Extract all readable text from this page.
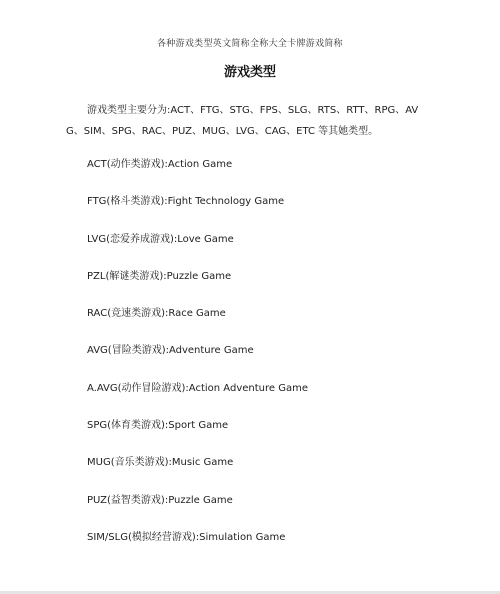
各种游戏类型英文简称全称大全卡牌游戏简称
游戏类型

游戏类型主要分为:ACT、FTG、STG、FPS、SLG、RTS、RTT、RPG、AVG、SIM、SPG、RAC、PUZ、MUG、LVG、CAG、ETC 等其她类型。

ACT(动作类游戏):Action Game
FTG(格斗类游戏):Fight Technology Game
LVG(恋爱养成游戏):Love Game
PZL(解谜类游戏):Puzzle Game
RAC(竞速类游戏):Race Game
AVG(冒险类游戏):Adventure Game
A.AVG(动作冒险游戏):Action Adventure Game
SPG(体育类游戏):Sport Game
MUG(音乐类游戏):Music Game
PUZ(益智类游戏):Puzzle Game
SIM/SLG(模拟经营游戏):Simulation Game
